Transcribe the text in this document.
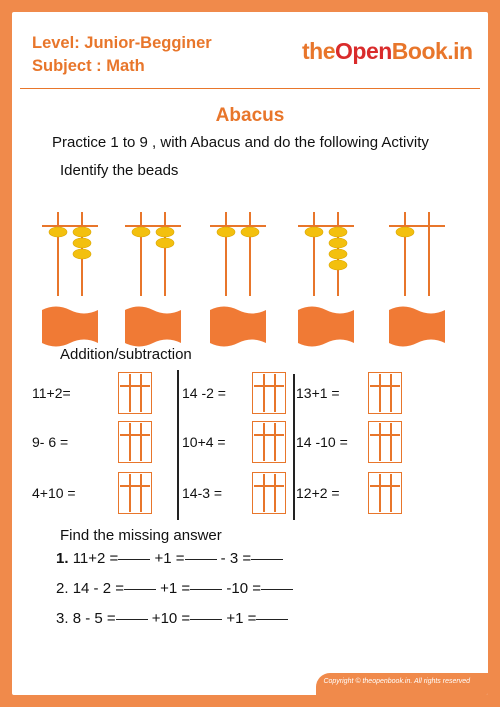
Level: Junior-Begginer
Subject : Math
theOpenBook.in
Abacus
Practice 1 to 9 , with Abacus and do the following Activity
Identify the beads
Addition/subtraction
11+2=	14 -2 =	13+1 =
9- 6 =	10+4 =	14 -10 =
4+10 =	14-3 =	12+2 =
Find the missing answer
1. 11+2 = +1 = - 3 =
2. 14 - 2 = +1 = -10 =
3. 8 - 5 = +10 = +1 =
Copyright © theopenbook.in. All rights reserved
